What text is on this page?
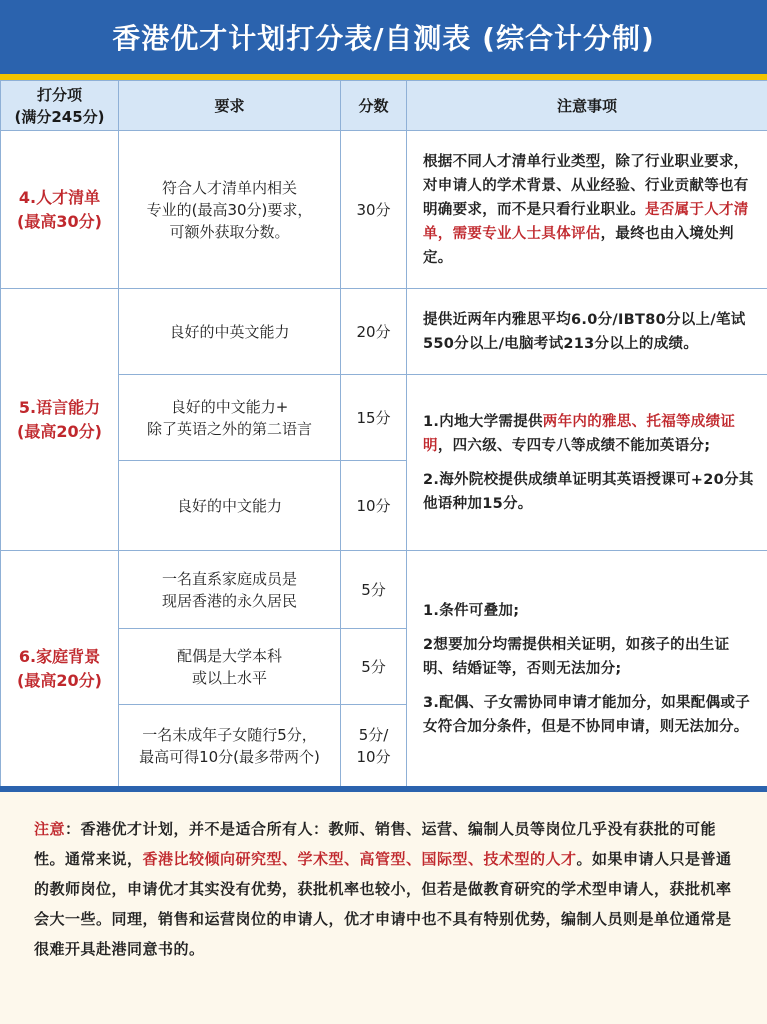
香港优才计划打分表/自测表 (综合计分制)
打分项
(满分245分)	要求	分数	注意事项

4.人才清单
(最高30分)	符合人才清单内相关
专业的(最高30分)要求，
可额外获取分数。	30分	根据不同人才清单行业类型，除了行业职业要求，对申请人的学术背景、从业经验、行业贡献等也有明确要求，而不是只看行业职业。是否属于人才清单，需要专业人士具体评估，最终也由入境处判定。

5.语言能力
(最高20分)	良好的中英文能力	20分	提供近两年内雅思平均6.0分/IBT80分以上/笔试550分以上/电脑考试213分以上的成绩。

	良好的中文能力+
除了英语之外的第二语言	15分	1.内地大学需提供两年内的雅思、托福等成绩证明，四六级、专四专八等成绩不能加英语分;
2.海外院校提供成绩单证明其英语授课可+20分其他语种加15分。

	良好的中文能力	10分	

6.家庭背景
(最高20分)	一名直系家庭成员是
现居香港的永久居民	5分	1.条件可叠加;
2想要加分均需提供相关证明，如孩子的出生证明、结婚证等，否则无法加分;
3.配偶、子女需协同申请才能加分，如果配偶或子女符合加分条件，但是不协同申请，则无法加分。

	配偶是大学本科
或以上水平	5分	

	一名未成年子女随行5分，
最高可得10分(最多带两个)	5分/
10分	
注意：香港优才计划，并不是适合所有人：教师、销售、运营、编制人员等岗位几乎没有获批的可能性。通常来说，香港比较倾向研究型、学术型、高管型、国际型、技术型的人才。如果申请人只是普通的教师岗位，申请优才其实没有优势，获批机率也较小，但若是做教育研究的学术型申请人，获批机率会大一些。同理，销售和运营岗位的申请人，优才申请中也不具有特别优势，编制人员则是单位通常是很难开具赴港同意书的。
